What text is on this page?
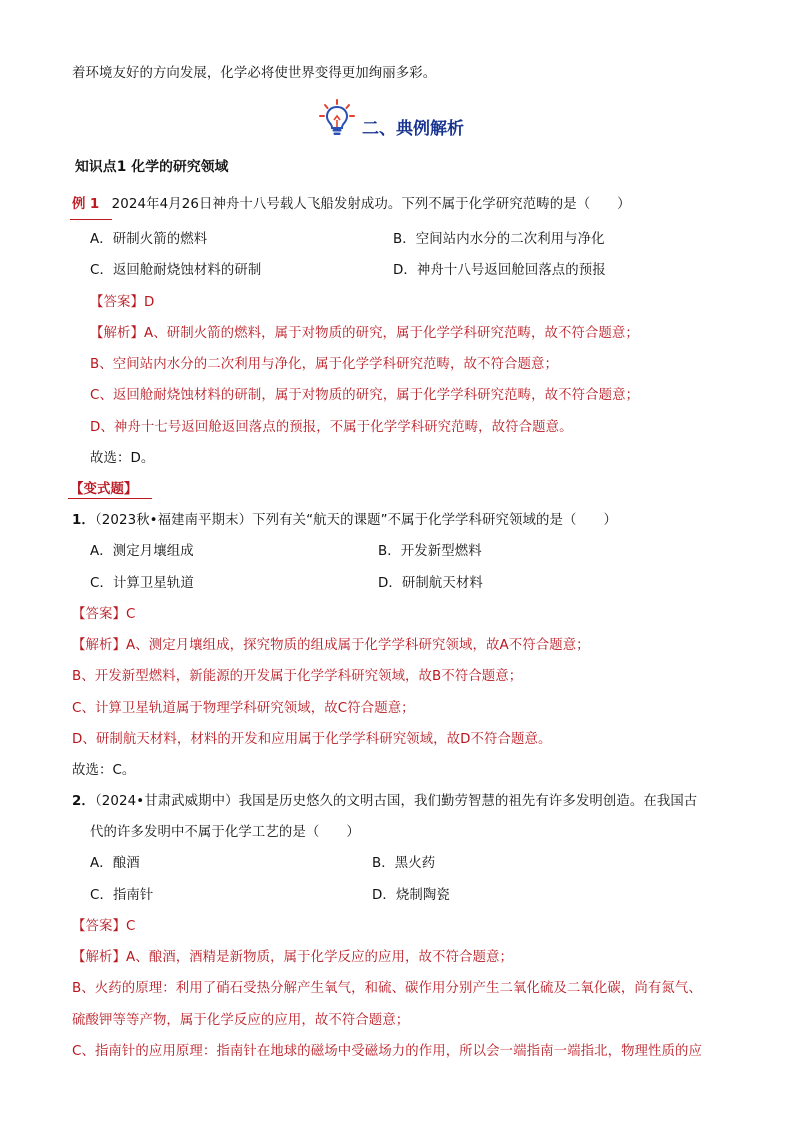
着环境友好的方向发展，化学必将使世界变得更加绚丽多彩。
二、典例解析
知识点1 化学的研究领域
例 1 2024年4月26日神舟十八号载人飞船发射成功。下列不属于化学研究范畴的是（　　）
A．研制火箭的燃料	B．空间站内水分的二次利用与净化
C．返回舱耐烧蚀材料的研制	D．神舟十八号返回舱回落点的预报
【答案】D
【解析】A、研制火箭的燃料，属于对物质的研究，属于化学学科研究范畴，故不符合题意；
B、空间站内水分的二次利用与净化，属于化学学科研究范畴，故不符合题意；
C、返回舱耐烧蚀材料的研制，属于对物质的研究，属于化学学科研究范畴，故不符合题意；
D、神舟十七号返回舱返回落点的预报，不属于化学学科研究范畴，故符合题意。
故选：D。
【变式题】
1．（2023秋•福建南平期末）下列有关“航天的课题”不属于化学学科研究领域的是（　　）
A．测定月壤组成	B．开发新型燃料
C．计算卫星轨道	D．研制航天材料
【答案】C
【解析】A、测定月壤组成，探究物质的组成属于化学学科研究领域，故A不符合题意；
B、开发新型燃料，新能源的开发属于化学学科研究领域，故B不符合题意；
C、计算卫星轨道属于物理学科研究领域，故C符合题意；
D、研制航天材料，材料的开发和应用属于化学学科研究领域，故D不符合题意。
故选：C。
2．（2024•甘肃武威期中）我国是历史悠久的文明古国，我们勤劳智慧的祖先有许多发明创造。在我国古
代的许多发明中不属于化学工艺的是（　　）
A．酿酒	B．黑火药
C．指南针	D．烧制陶瓷
【答案】C
【解析】A、酿酒，酒精是新物质，属于化学反应的应用，故不符合题意；
B、火药的原理：利用了硝石受热分解产生氧气，和硫、碳作用分别产生二氧化硫及二氧化碳，尚有氮气、
硫酸钾等等产物，属于化学反应的应用，故不符合题意；
C、指南针的应用原理：指南针在地球的磁场中受磁场力的作用，所以会一端指南一端指北，物理性质的应
